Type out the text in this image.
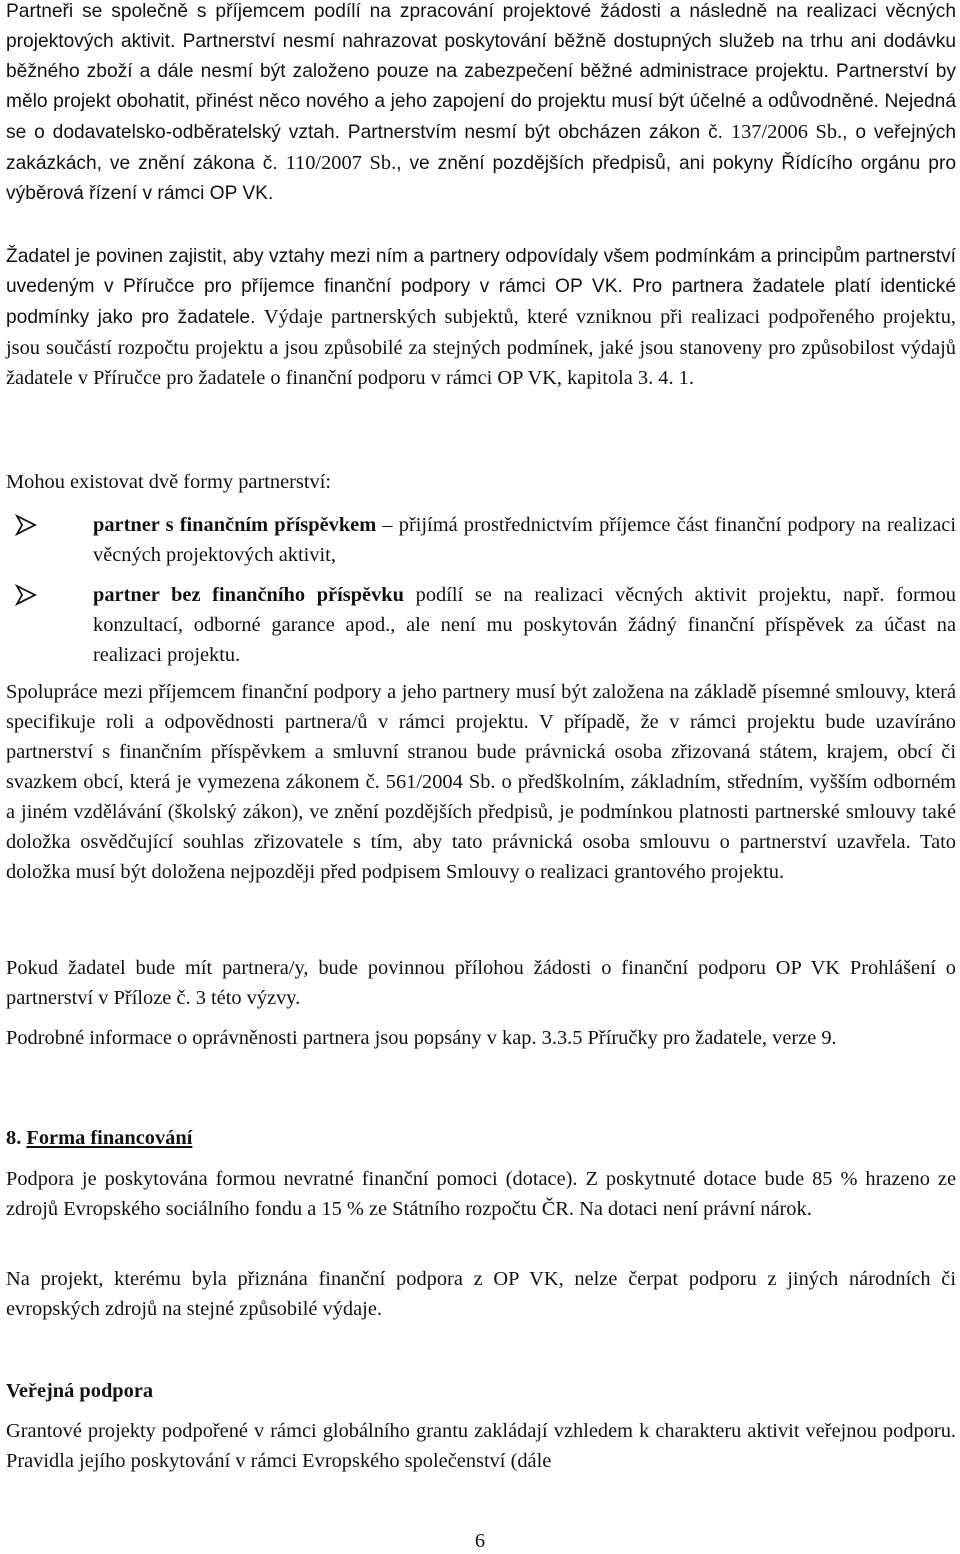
Partneři se společně s příjemcem podílí na zpracování projektové žádosti a následně na realizaci věcných projektových aktivit. Partnerství nesmí nahrazovat poskytování běžně dostupných služeb na trhu ani dodávku běžného zboží a dále nesmí být založeno pouze na zabezpečení běžné administrace projektu. Partnerství by mělo projekt obohatit, přinést něco nového a jeho zapojení do projektu musí být účelné a odůvodněné. Nejedná se o dodavatelsko-odběratelský vztah. Partnerstvím nesmí být obcházen zákon č. 137/2006 Sb., o veřejných zakázkách, ve znění zákona č. 110/2007 Sb., ve znění pozdějších předpisů, ani pokyny Řídícího orgánu pro výběrová řízení v rámci OP VK.

Žadatel je povinen zajistit, aby vztahy mezi ním a partnery odpovídaly všem podmínkám a principům partnerství uvedeným v Příručce pro příjemce finanční podpory v rámci OP VK. Pro partnera žadatele platí identické podmínky jako pro žadatele. Výdaje partnerských subjektů, které vzniknou při realizaci podpořeného projektu, jsou součástí rozpočtu projektu a jsou způsobilé za stejných podmínek, jaké jsou stanoveny pro způsobilost výdajů žadatele v Příručce pro žadatele o finanční podporu v rámci OP VK, kapitola 3. 4. 1.

Mohou existovat dvě formy partnerství:

partner s finančním příspěvkem – přijímá prostřednictvím příjemce část finanční podpory na realizaci věcných projektových aktivit,
partner bez finančního příspěvku podílí se na realizaci věcných aktivit projektu, např. formou konzultací, odborné garance apod., ale není mu poskytován žádný finanční příspěvek za účast na realizaci projektu.

Spolupráce mezi příjemcem finanční podpory a jeho partnery musí být založena na základě písemné smlouvy, která specifikuje roli a odpovědnosti partnera/ů v rámci projektu. V případě, že v rámci projektu bude uzavíráno partnerství s finančním příspěvkem a smluvní stranou bude právnická osoba zřizovaná státem, krajem, obcí či svazkem obcí, která je vymezena zákonem č. 561/2004 Sb. o předškolním, základním, středním, vyšším odborném a jiném vzdělávání (školský zákon), ve znění pozdějších předpisů, je podmínkou platnosti partnerské smlouvy také doložka osvědčující souhlas zřizovatele s tím, aby tato právnická osoba smlouvu o partnerství uzavřela. Tato doložka musí být doložena nejpozději před podpisem Smlouvy o realizaci grantového projektu.

Pokud žadatel bude mít partnera/y, bude povinnou přílohou žádosti o finanční podporu OP VK Prohlášení o partnerství v Příloze č. 3 této výzvy.

Podrobné informace o oprávněnosti partnera jsou popsány v kap. 3.3.5 Příručky pro žadatele, verze 9.

8. Forma financování

Podpora je poskytována formou nevratné finanční pomoci (dotace). Z poskytnuté dotace bude 85 % hrazeno ze zdrojů Evropského sociálního fondu a 15 % ze Státního rozpočtu ČR. Na dotaci není právní nárok.

Na projekt, kterému byla přiznána finanční podpora z OP VK, nelze čerpat podporu z jiných národních či evropských zdrojů na stejné způsobilé výdaje.

Veřejná podpora

Grantové projekty podpořené v rámci globálního grantu zakládají vzhledem k charakteru aktivit veřejnou podporu. Pravidla jejího poskytování v rámci Evropského společenství (dále

6
